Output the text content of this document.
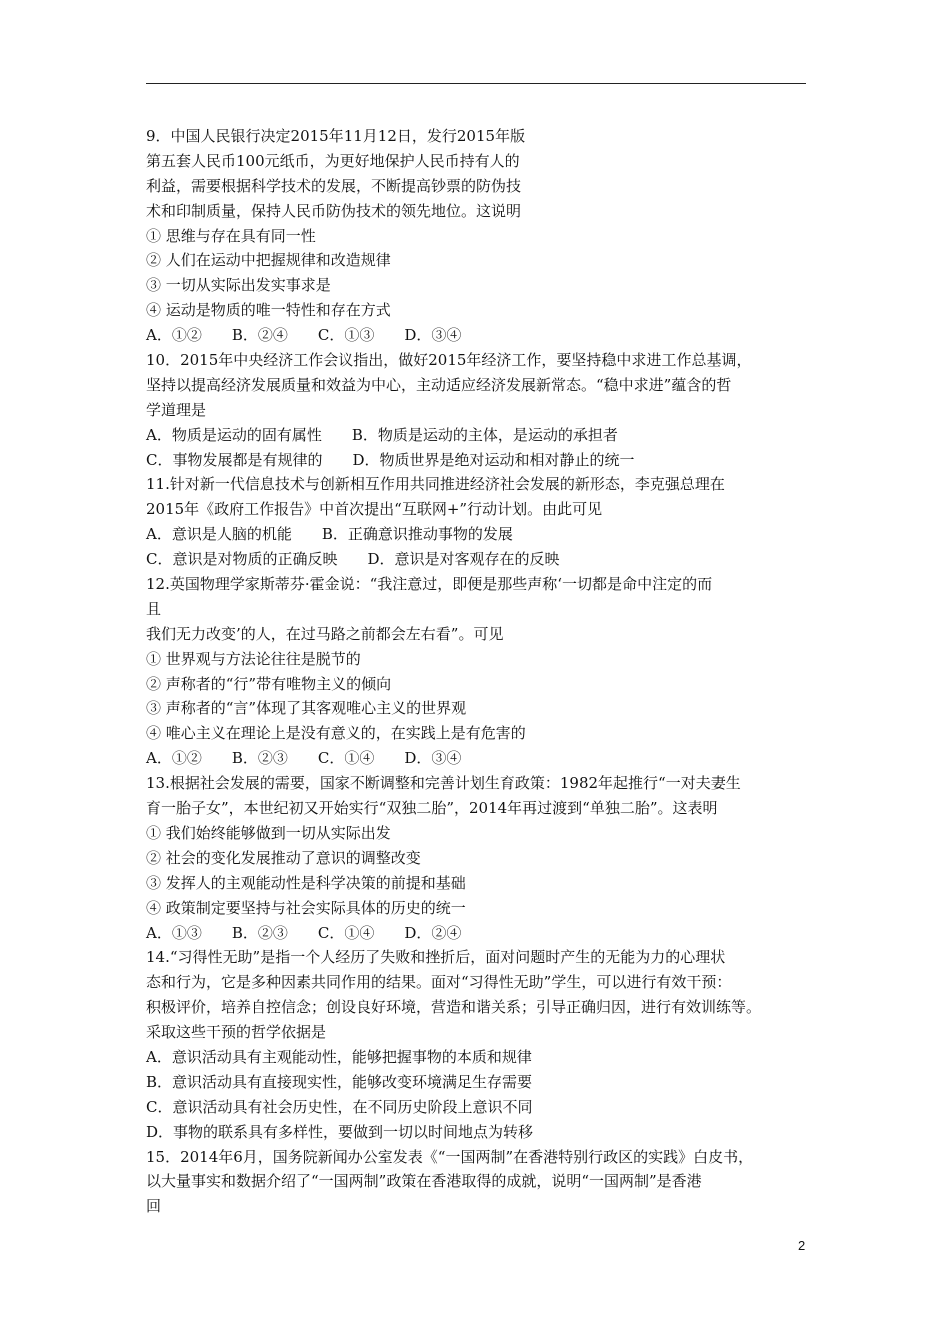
9．中国人民银行决定2015年11月12日，发行2015年版
第五套人民币100元纸币，为更好地保护人民币持有人的
利益，需要根据科学技术的发展，不断提高钞票的防伪技
术和印制质量，保持人民币防伪技术的领先地位。这说明
① 思维与存在具有同一性
② 人们在运动中把握规律和改造规律
③ 一切从实际出发实事求是
④ 运动是物质的唯一特性和存在方式
A．①②　　B．②④　　C．①③　　D．③④
10．2015年中央经济工作会议指出，做好2015年经济工作，要坚持稳中求进工作总基调，
坚持以提高经济发展质量和效益为中心，主动适应经济发展新常态。“稳中求进”蕴含的哲
学道理是
A．物质是运动的固有属性　　B．物质是运动的主体，是运动的承担者
C．事物发展都是有规律的　　D．物质世界是绝对运动和相对静止的统一
11.针对新一代信息技术与创新相互作用共同推进经济社会发展的新形态，李克强总理在
2015年《政府工作报告》中首次提出“互联网+”行动计划。由此可见
A．意识是人脑的机能　　B．正确意识推动事物的发展
C．意识是对物质的正确反映　　D．意识是对客观存在的反映
12.英国物理学家斯蒂芬·霍金说：“我注意过，即便是那些声称‘一切都是命中注定的而
且
我们无力改变’的人，在过马路之前都会左右看”。可见
① 世界观与方法论往往是脱节的
② 声称者的“行”带有唯物主义的倾向
③ 声称者的“言”体现了其客观唯心主义的世界观
④ 唯心主义在理论上是没有意义的，在实践上是有危害的
A．①②　　B．②③　　C．①④　　D．③④
13.根据社会发展的需要，国家不断调整和完善计划生育政策：1982年起推行“一对夫妻生
育一胎子女”，本世纪初又开始实行“双独二胎”，2014年再过渡到“单独二胎”。这表明
① 我们始终能够做到一切从实际出发
② 社会的变化发展推动了意识的调整改变
③ 发挥人的主观能动性是科学决策的前提和基础
④ 政策制定要坚持与社会实际具体的历史的统一
A．①③　　B．②③　　C．①④　　D．②④
14.“习得性无助”是指一个人经历了失败和挫折后，面对问题时产生的无能为力的心理状
态和行为，它是多种因素共同作用的结果。面对“习得性无助”学生，可以进行有效干预：
积极评价，培养自控信念；创设良好环境，营造和谐关系；引导正确归因，进行有效训练等。
采取这些干预的哲学依据是
A．意识活动具有主观能动性，能够把握事物的本质和规律
B．意识活动具有直接现实性，能够改变环境满足生存需要
C．意识活动具有社会历史性，在不同历史阶段上意识不同
D．事物的联系具有多样性，要做到一切以时间地点为转移
15．2014年6月，国务院新闻办公室发表《“一国两制”在香港特别行政区的实践》白皮书，
以大量事实和数据介绍了“一国两制”政策在香港取得的成就，说明“一国两制”是香港
回
2
